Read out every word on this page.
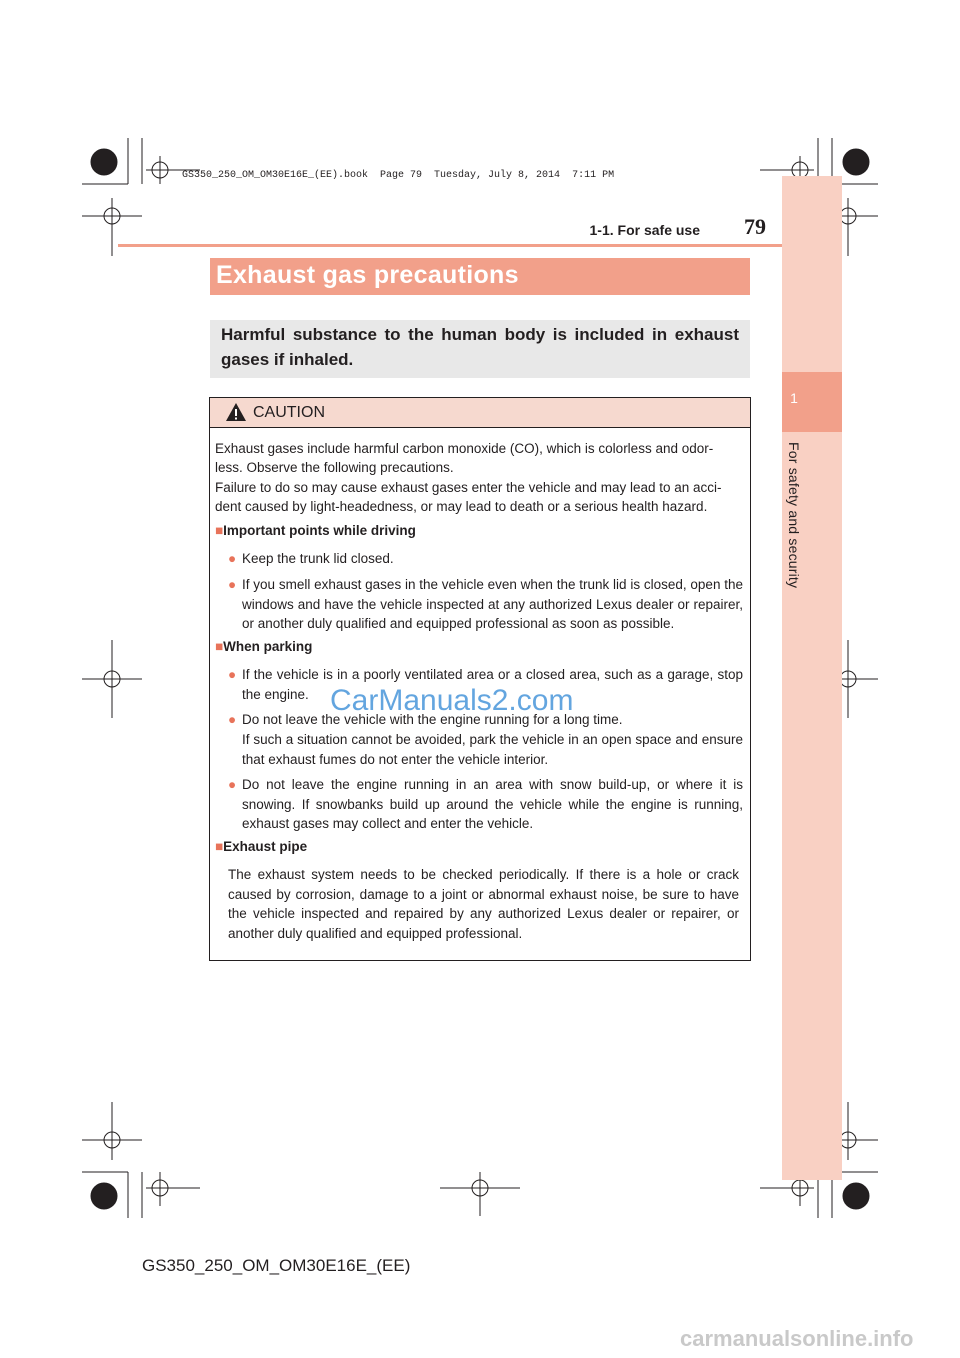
GS350_250_OM_OM30E16E_(EE).book  Page 79  Tuesday, July 8, 2014  7:11 PM
1
For safety and security
1-1. For safe use 79
Exhaust gas precautions
Harmful substance to the human body is included in exhaust gases if inhaled.
CAUTION
Exhaust gases include harmful carbon monoxide (CO), which is colorless and odor-
less. Observe the following precautions.
Failure to do so may cause exhaust gases enter the vehicle and may lead to an acci-
dent caused by light-headedness, or may lead to death or a serious health hazard.
■Important points while driving
● Keep the trunk lid closed.
● If you smell exhaust gases in the vehicle even when the trunk lid is closed, open the windows and have the vehicle inspected at any authorized Lexus dealer or repairer, or another duly qualified and equipped professional as soon as possible.
■When parking
● If the vehicle is in a poorly ventilated area or a closed area, such as a garage, stop the engine.
● Do not leave the vehicle with the engine running for a long time.
If such a situation cannot be avoided, park the vehicle in an open space and ensure that exhaust fumes do not enter the vehicle interior.
● Do not leave the engine running in an area with snow build-up, or where it is snowing. If snowbanks build up around the vehicle while the engine is running, exhaust gases may collect and enter the vehicle.
■Exhaust pipe
The exhaust system needs to be checked periodically. If there is a hole or crack caused by corrosion, damage to a joint or abnormal exhaust noise, be sure to have the vehicle inspected and repaired by any authorized Lexus dealer or repairer, or another duly qualified and equipped professional.
CarManuals2.com
GS350_250_OM_OM30E16E_(EE)
carmanualsonline.info
